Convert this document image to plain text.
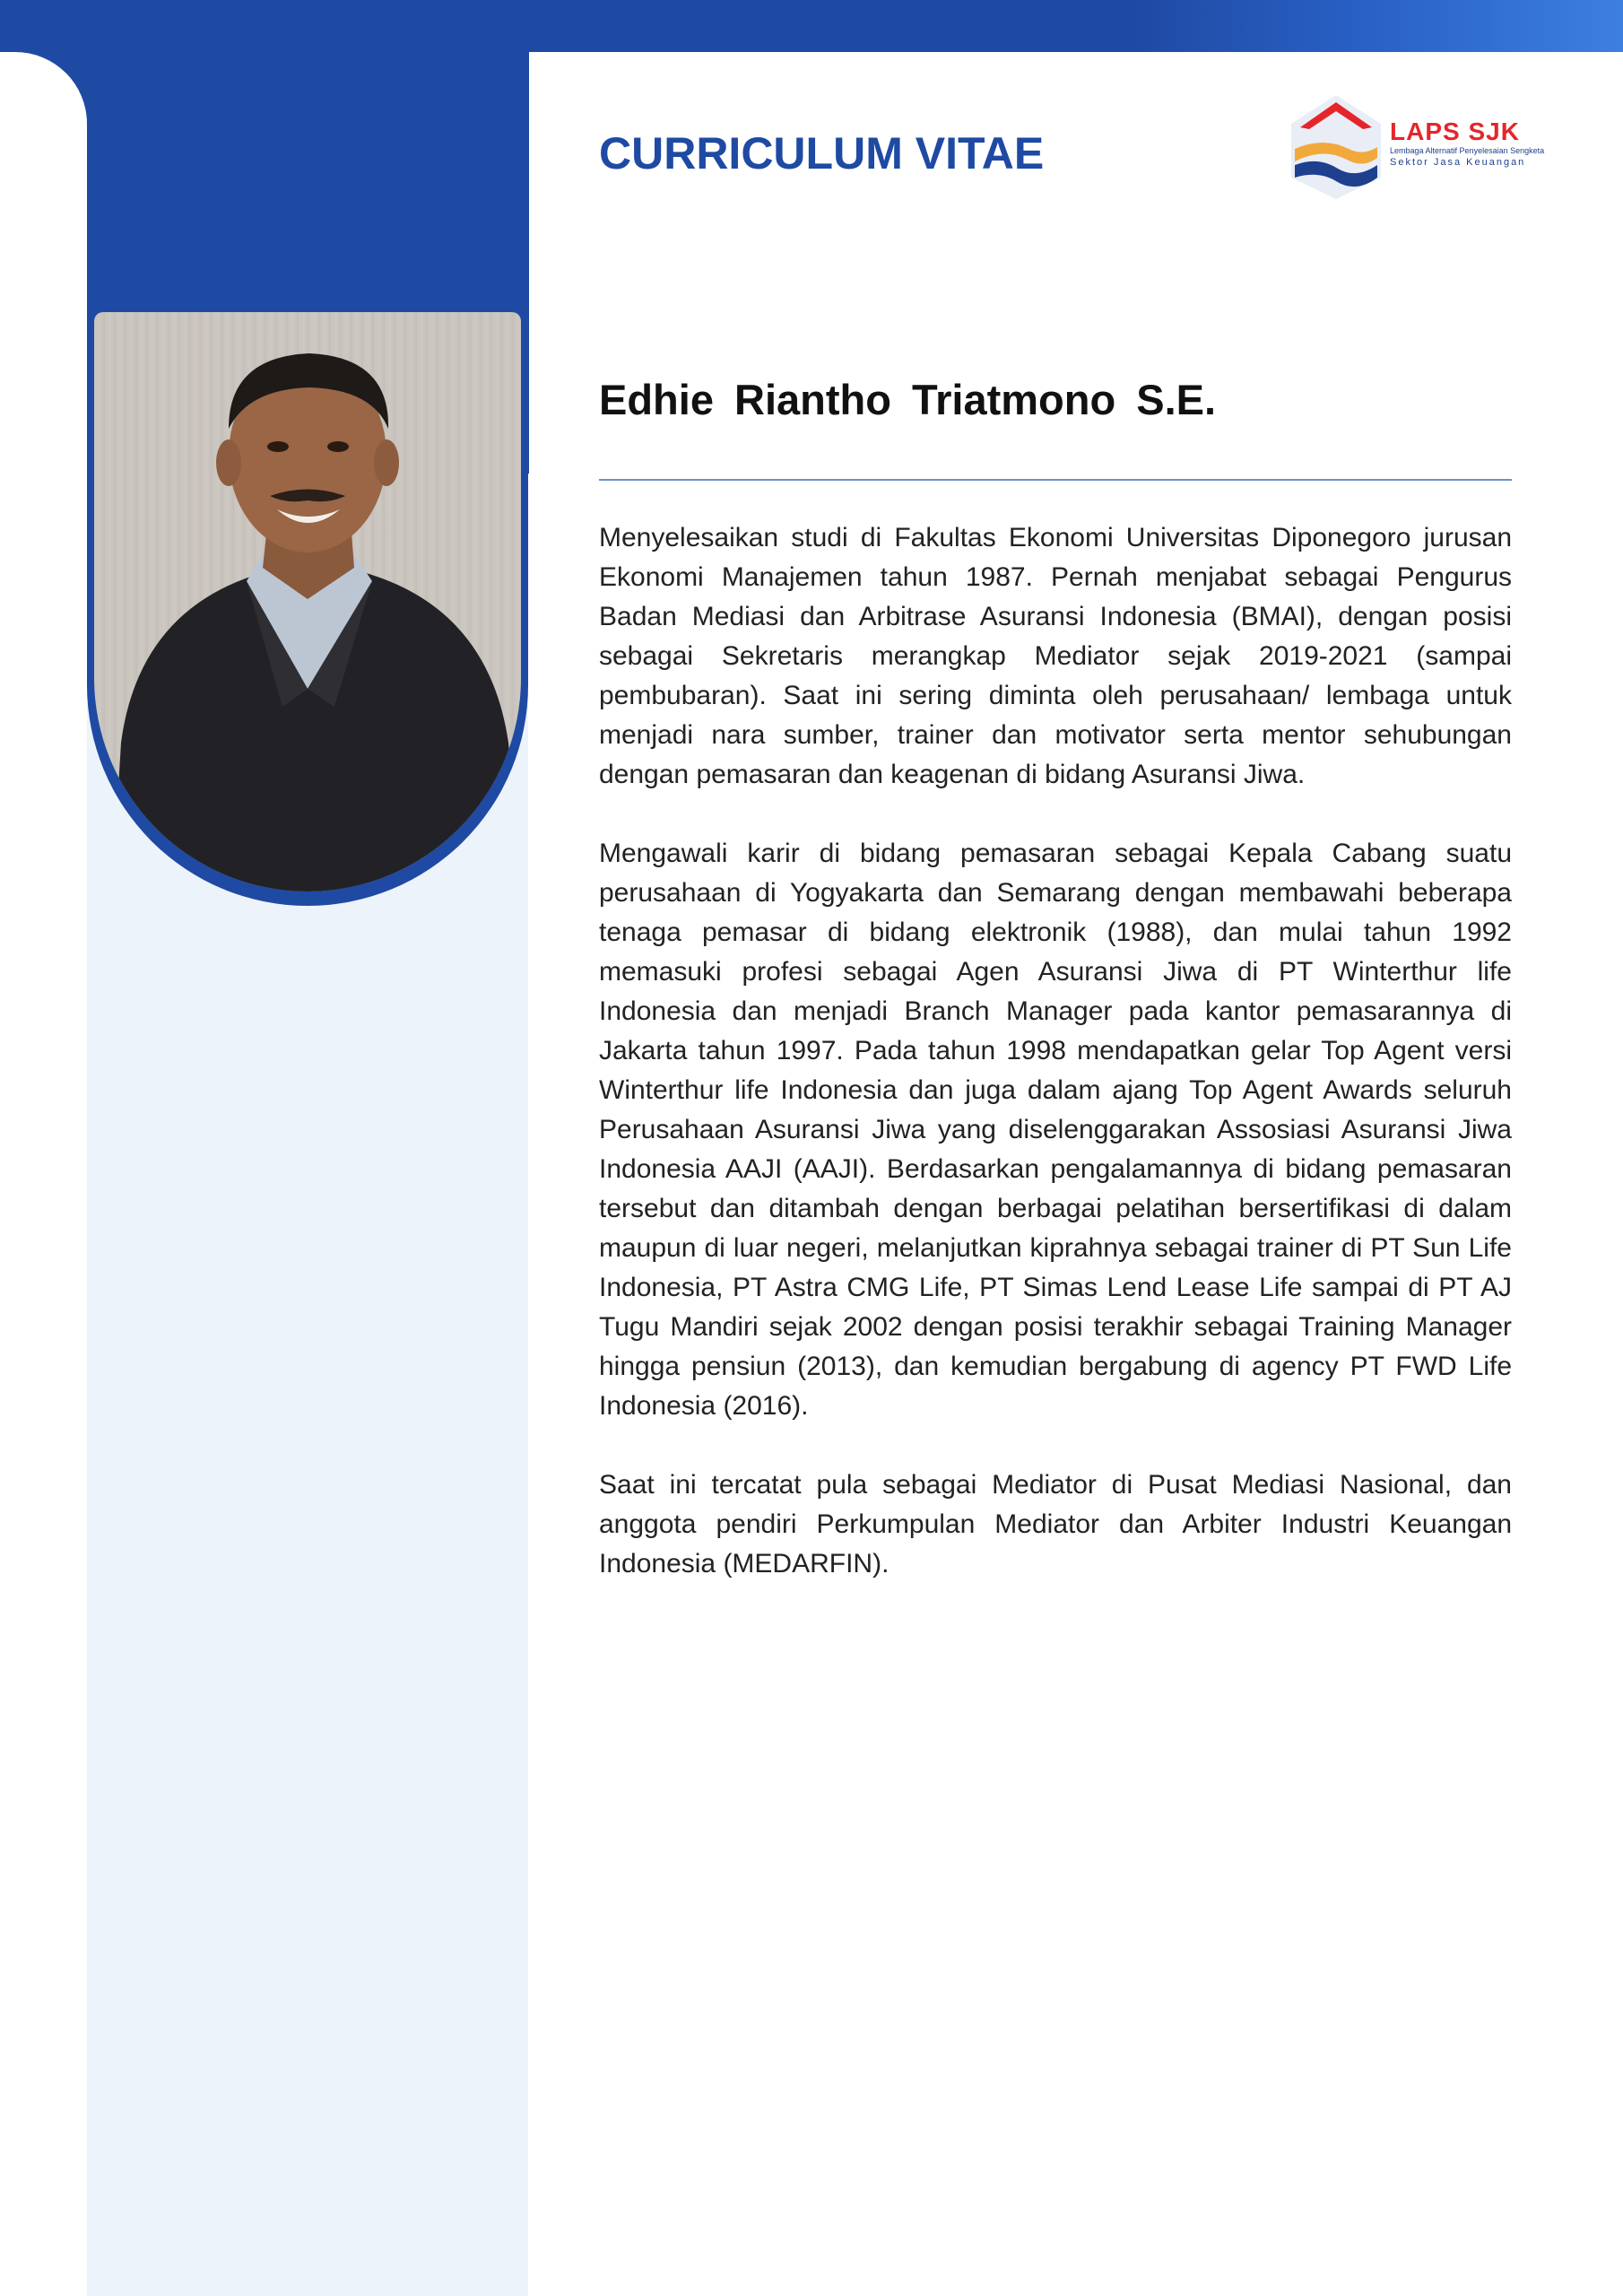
CURRICULUM VITAE	LAPS SJK
Lembaga Alternatif Penyelesaian Sengketa
Sektor Jasa Keuangan
Edhie Riantho Triatmono S.E.

Menyelesaikan studi di Fakultas Ekonomi Universitas Diponegoro jurusan Ekonomi Manajemen tahun 1987. Pernah menjabat sebagai Pengurus Badan Mediasi dan Arbitrase Asuransi Indonesia (BMAI), dengan posisi sebagai Sekretaris merangkap Mediator sejak 2019-2021 (sampai pembubaran). Saat ini sering diminta oleh perusahaan/ lembaga untuk menjadi nara sumber, trainer dan motivator serta mentor sehubungan dengan pemasaran dan keagenan di bidang Asuransi Jiwa.

Mengawali karir di bidang pemasaran sebagai Kepala Cabang suatu perusahaan di Yogyakarta dan Semarang dengan membawahi beberapa tenaga pemasar di bidang elektronik (1988), dan mulai tahun 1992 memasuki profesi sebagai Agen Asuransi Jiwa di PT Winterthur life Indonesia dan menjadi Branch Manager pada kantor pemasarannya di Jakarta tahun 1997. Pada tahun 1998 mendapatkan gelar Top Agent versi Winterthur life Indonesia dan juga dalam ajang Top Agent Awards seluruh Perusahaan Asuransi Jiwa yang diselenggarakan Assosiasi Asuransi Jiwa Indonesia AAJI (AAJI). Berdasarkan pengalamannya di bidang pemasaran tersebut dan ditambah dengan berbagai pelatihan bersertifikasi di dalam maupun di luar negeri, melanjutkan kiprahnya sebagai trainer di PT Sun Life Indonesia, PT Astra CMG Life, PT Simas Lend Lease Life sampai di PT AJ Tugu Mandiri sejak 2002 dengan posisi terakhir sebagai Training Manager hingga pensiun (2013), dan kemudian bergabung di agency PT FWD Life Indonesia (2016).

Saat ini tercatat pula sebagai Mediator di Pusat Mediasi Nasional, dan anggota pendiri Perkumpulan Mediator dan Arbiter Industri Keuangan Indonesia (MEDARFIN).
